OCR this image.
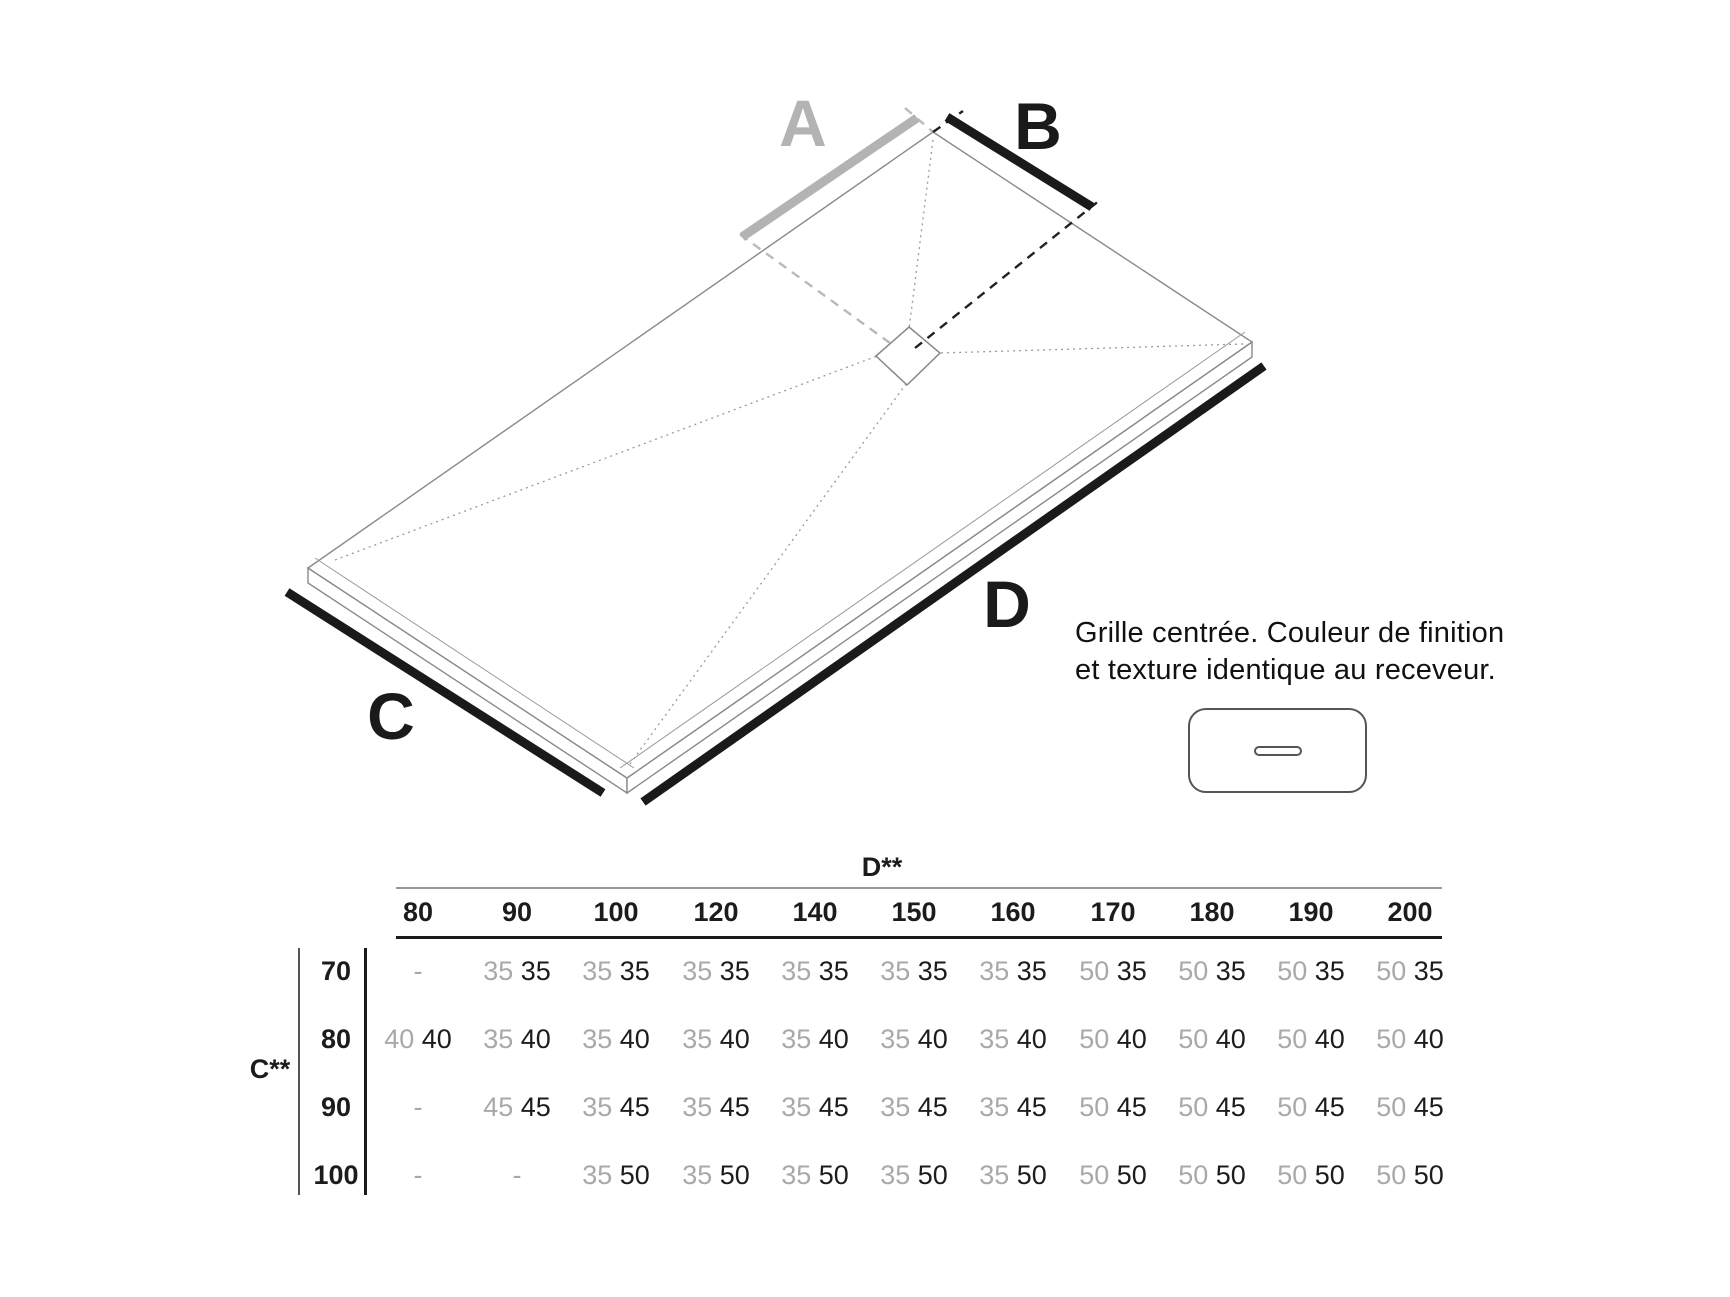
A	B
C
D Grille centrée. Couleur de finition
et texture identique au receveur.
D**
C**
80	90	100	120	140	150	160	170	180	190	200
70	-	35 35	35 35	35 35	35 35	35 35	35 35	50 35	50 35	50 35	50 35
80	40 40	35 40	35 40	35 40	35 40	35 40	35 40	50 40	50 40	50 40	50 40
90	-	45 45	35 45	35 45	35 45	35 45	35 45	50 45	50 45	50 45	50 45
100	-	-	35 50	35 50	35 50	35 50	35 50	50 50	50 50	50 50	50 50
